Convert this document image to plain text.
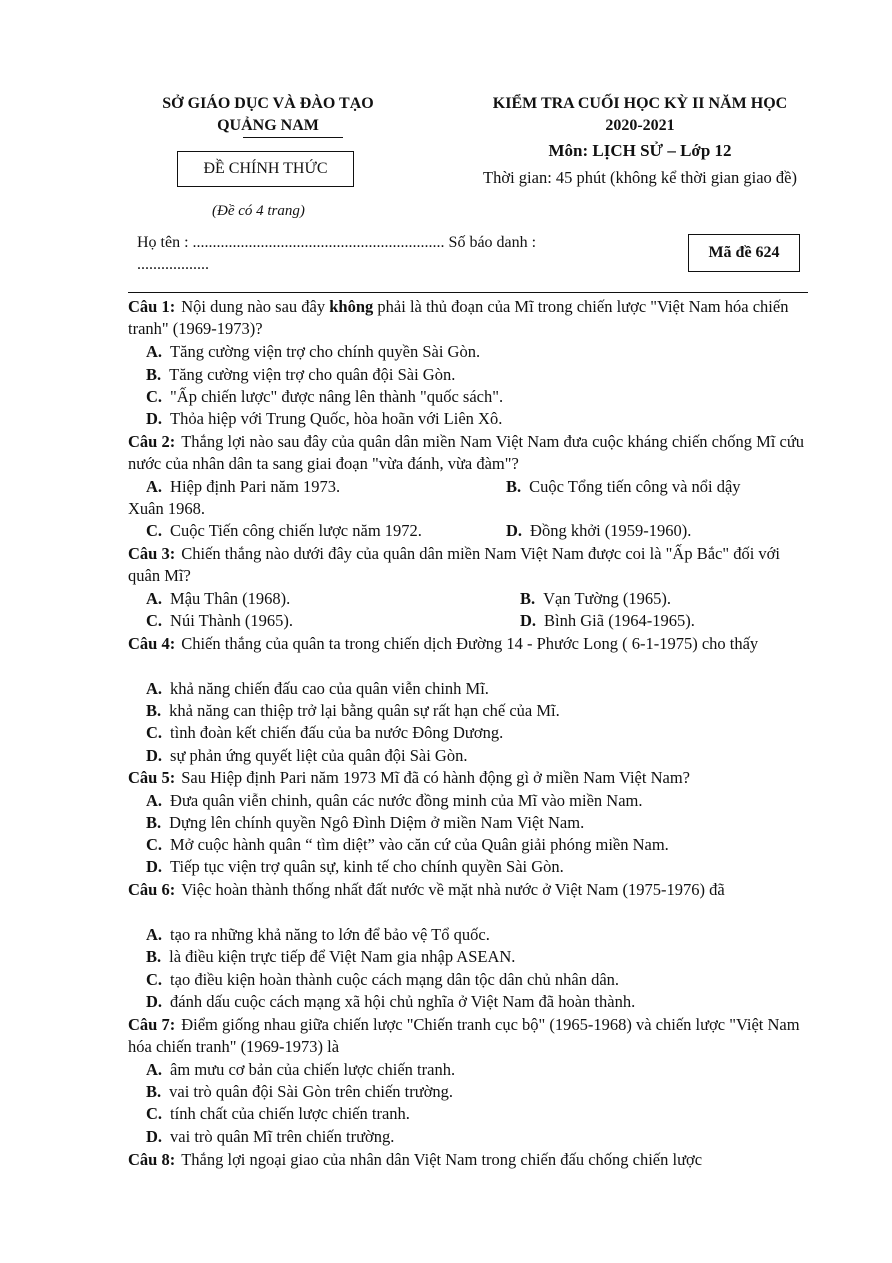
SỞ GIÁO DỤC VÀ ĐÀO TẠO
QUẢNG NAM
ĐỀ CHÍNH THỨC
(Đề có 4 trang)
KIỂM TRA CUỐI HỌC KỲ II NĂM HỌC
2020-2021
Môn: LỊCH SỬ – Lớp 12
Thời gian: 45 phút (không kể thời gian giao đề)
Họ tên : ............................................................... Số báo danh :
..................
Mã đề 624
Câu 1: Nội dung nào sau đây không phải là thủ đoạn của Mĩ trong chiến lược "Việt Nam hóa chiến tranh" (1969-1973)?
A. Tăng cường viện trợ cho chính quyền Sài Gòn.
B. Tăng cường viện trợ cho quân đội Sài Gòn.
C. "Ấp chiến lược" được nâng lên thành "quốc sách".
D. Thỏa hiệp với Trung Quốc, hòa hoãn với Liên Xô.
Câu 2: Thắng lợi nào sau đây của quân dân miền Nam Việt Nam đưa cuộc kháng chiến chống Mĩ cứu nước của nhân dân ta sang giai đoạn "vừa đánh, vừa đàm"?
A. Hiệp định Pari năm 1973.	B. Cuộc Tổng tiến công và nổi dậy
Xuân 1968.
C. Cuộc Tiến công chiến lược năm 1972.	D. Đồng khởi (1959-1960).
Câu 3: Chiến thắng nào dưới đây của quân dân miền Nam Việt Nam được coi là "Ấp Bắc" đối với quân Mĩ?
A. Mậu Thân (1968).	B. Vạn Tường (1965).
C. Núi Thành (1965).	D. Bình Giã (1964-1965).
Câu 4: Chiến thắng của quân ta trong chiến dịch Đường 14 - Phước Long ( 6-1-1975) cho thấy
A. khả năng chiến đấu cao của quân viễn chinh Mĩ.
B. khả năng can thiệp trở lại bằng quân sự rất hạn chế của Mĩ.
C. tình đoàn kết chiến đấu của ba nước Đông Dương.
D. sự phản ứng quyết liệt của quân đội Sài Gòn.
Câu 5: Sau Hiệp định Pari năm 1973 Mĩ đã có hành động gì ở miền Nam Việt Nam?
A. Đưa quân viễn chinh, quân các nước đồng minh của Mĩ vào miền Nam.
B. Dựng lên chính quyền Ngô Đình Diệm ở miền Nam Việt Nam.
C. Mở cuộc hành quân “ tìm diệt” vào căn cứ của Quân giải phóng miền Nam.
D. Tiếp tục viện trợ quân sự, kinh tế cho chính quyền Sài Gòn.
Câu 6: Việc hoàn thành thống nhất đất nước về mặt nhà nước ở Việt Nam (1975-1976) đã
A. tạo ra những khả năng to lớn để bảo vệ Tổ quốc.
B. là điều kiện trực tiếp để Việt Nam gia nhập ASEAN.
C. tạo điều kiện hoàn thành cuộc cách mạng dân tộc dân chủ nhân dân.
D. đánh dấu cuộc cách mạng xã hội chủ nghĩa ở Việt Nam đã hoàn thành.
Câu 7: Điểm giống nhau giữa chiến lược "Chiến tranh cục bộ" (1965-1968) và chiến lược "Việt Nam hóa chiến tranh" (1969-1973) là
A. âm mưu cơ bản của chiến lược chiến tranh.
B. vai trò quân đội Sài Gòn trên chiến trường.
C. tính chất của chiến lược chiến tranh.
D. vai trò quân Mĩ trên chiến trường.
Câu 8: Thắng lợi ngoại giao của nhân dân Việt Nam trong chiến đấu chống chiến lược
